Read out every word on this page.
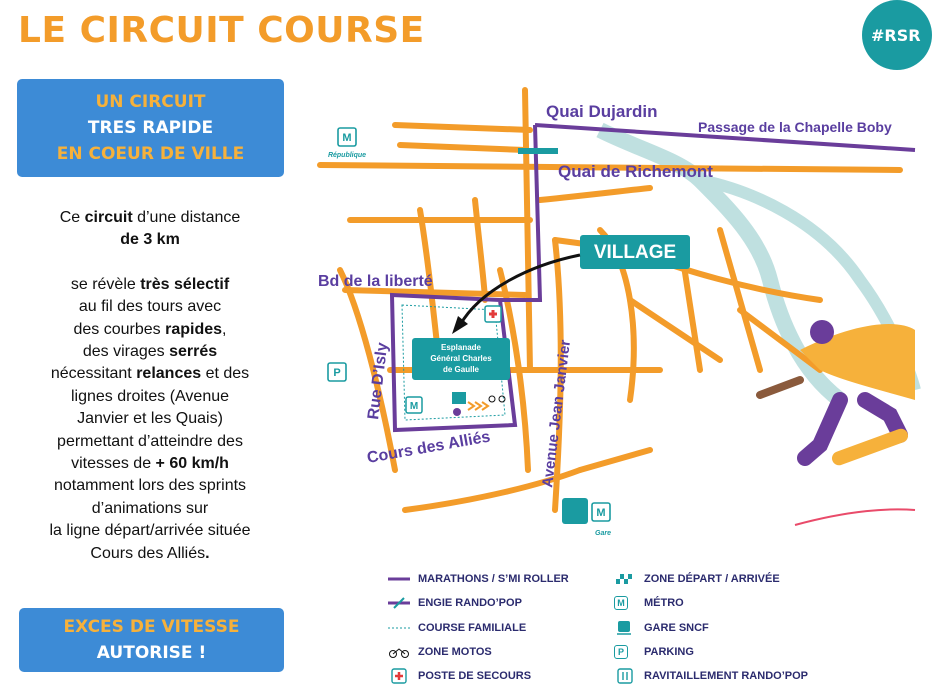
LE CIRCUIT COURSE	#RSR
UN CIRCUIT
TRES RAPIDE
EN COEUR DE VILLE

Ce circuit d’une distance

de 3 km

se révèle très sélectif

au fil des tours avec

des courbes rapides,

des virages serrés

nécessitant relances et des

lignes droites (Avenue

Janvier et les Quais)

permettant d’atteindre des

vitesses de + 60 km/h

notamment lors des sprints

d’animations sur

la ligne départ/arrivée située

Cours des Alliés.

EXCES DE VITESSE
AUTORISE !
VILLAGE
Esplanade
Général Charles
de Gaulle
M
M
République
P
M
Gare
Quai Dujardin
Passage de la Chapelle Boby
Quai de Richemont
Bd de la liberté
Rue D’Isly
Cours des Alliés	Avenue Jean Janvier
MARATHONS / S’MI ROLLER
ENGIE RANDO’POP
COURSE FAMILIALE
ZONE MOTOS
POSTE DE SECOURS
ZONE DÉPART / ARRIVÉE
M	MÉTRO
GARE SNCF
P	PARKING
RAVITAILLEMENT RANDO’POP
